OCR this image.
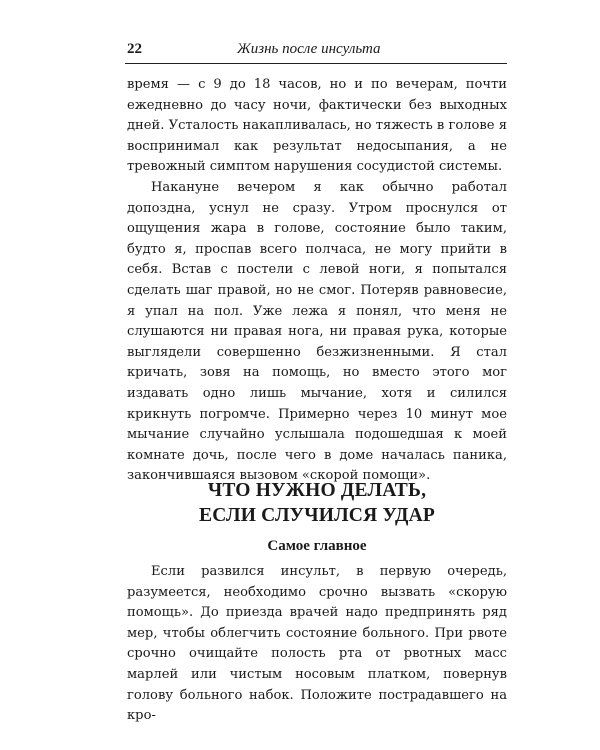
22	Жизнь после инсульта

время — с 9 до 18 часов, но и по вечерам, почти ежедневно до часу ночи, фактически без выходных дней. Усталость накапливалась, но тяжесть в голове я воспринимал как результат недосыпания, а не тревожный симптом нарушения сосудистой системы.

Накануне вечером я как обычно работал допоздна, уснул не сразу. Утром проснулся от ощущения жара в голове, состояние было таким, будто я, проспав всего полчаса, не могу прийти в себя. Встав с постели с левой ноги, я попытался сделать шаг правой, но не смог. Потеряв равновесие, я упал на пол. Уже лежа я понял, что меня не слушаются ни правая нога, ни правая рука, которые выглядели совершенно безжизненными. Я стал кричать, зовя на помощь, но вместо этого мог издавать одно лишь мычание, хотя и силился крикнуть погромче. Примерно через 10 минут мое мычание случайно услышала подошедшая к моей комнате дочь, после чего в доме началась паника, закончившаяся вызовом «скорой помощи».

ЧТО НУЖНО ДЕЛАТЬ,
ЕСЛИ СЛУЧИЛСЯ УДАР
Самое главное

Если развился инсульт, в первую очередь, разумеется, необходимо срочно вызвать «скорую помощь». До приезда врачей надо предпринять ряд мер, чтобы облегчить состояние больного. При рвоте срочно очищайте полость рта от рвотных масс марлей или чистым носовым платком, повернув голову больного набок. Положите пострадавшего на кро-
